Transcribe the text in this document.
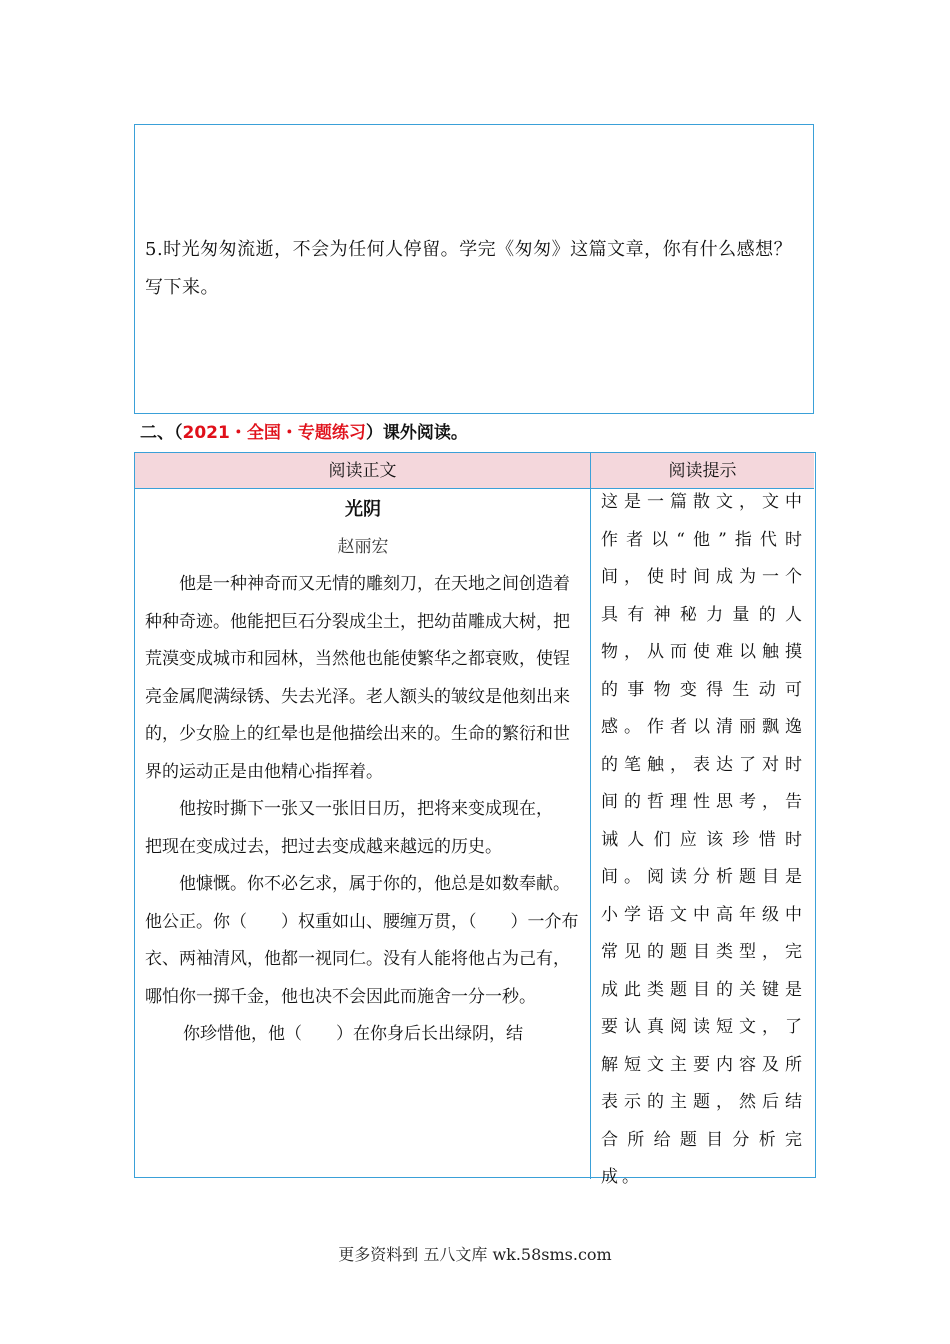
5.时光匆匆流逝，不会为任何人停留。学完《匆匆》这篇文章，你有什么感想？写下来。
二、（2021・全国・专题练习）课外阅读。
阅读正文	阅读提示

光阴

赵丽宏

他是一种神奇而又无情的雕刻刀，在天地之间创造着种种奇迹。他能把巨石分裂成尘土，把幼苗雕成大树，把荒漠变成城市和园林，当然他也能使繁华之都衰败，使锃亮金属爬满绿锈、失去光泽。老人额头的皱纹是他刻出来的，少女脸上的红晕也是他描绘出来的。生命的繁衍和世界的运动正是由他精心指挥着。

他按时撕下一张又一张旧日历，把将来变成现在，把现在变成过去，把过去变成越来越远的历史。

他慷慨。你不必乞求，属于你的，他总是如数奉献。

他公正。你（　　）权重如山、腰缠万贯，（　　）一介布衣、两袖清风，他都一视同仁。没有人能将他占为己有，哪怕你一掷千金，他也决不会因此而施舍一分一秒。

你珍惜他，他（　　）在你身后长出绿阴，结

这是一篇散文，文中作者以“他”指代时间，使时间成为一个具有神秘力量的人物，从而使难以触摸的事物变得生动可感。作者以清丽飘逸的笔触，表达了对时间的哲理性思考，告诫人们应该珍惜时间。阅读分析题目是小学语文中高年级中常见的题目类型，完成此类题目的关键是要认真阅读短文，了解短文主要内容及所表示的主题，然后结合所给题目分析完成。
更多资料到 五八文库 wk.58sms.com
